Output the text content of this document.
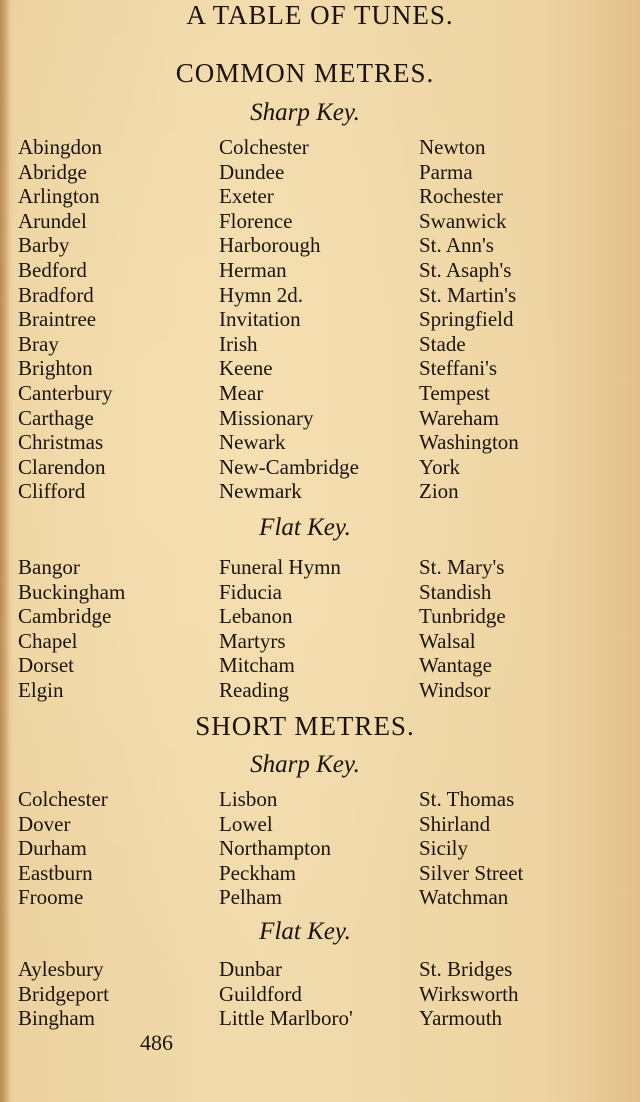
A TABLE OF TUNES.
COMMON METRES.
Sharp Key.
Abingdon	Colchester	Newton
Abridge	Dundee	Parma
Arlington	Exeter	Rochester
Arundel	Florence	Swanwick
Barby	Harborough	St. Ann's
Bedford	Herman	St. Asaph's
Bradford	Hymn 2d.	St. Martin's
Braintree	Invitation	Springfield
Bray	Irish	Stade
Brighton	Keene	Steffani's
Canterbury	Mear	Tempest
Carthage	Missionary	Wareham
Christmas	Newark	Washington
Clarendon	New-Cambridge	York
Clifford	Newmark	Zion
Flat Key.
Bangor	Funeral Hymn	St. Mary's
Buckingham	Fiducia	Standish
Cambridge	Lebanon	Tunbridge
Chapel	Martyrs	Walsal
Dorset	Mitcham	Wantage
Elgin	Reading	Windsor
SHORT METRES.
Sharp Key.
Colchester	Lisbon	St. Thomas
Dover	Lowel	Shirland
Durham	Northampton	Sicily
Eastburn	Peckham	Silver Street
Froome	Pelham	Watchman
Flat Key.
Aylesbury	Dunbar	St. Bridges
Bridgeport	Guildford	Wirksworth
Bingham	Little Marlboro'	Yarmouth
486
